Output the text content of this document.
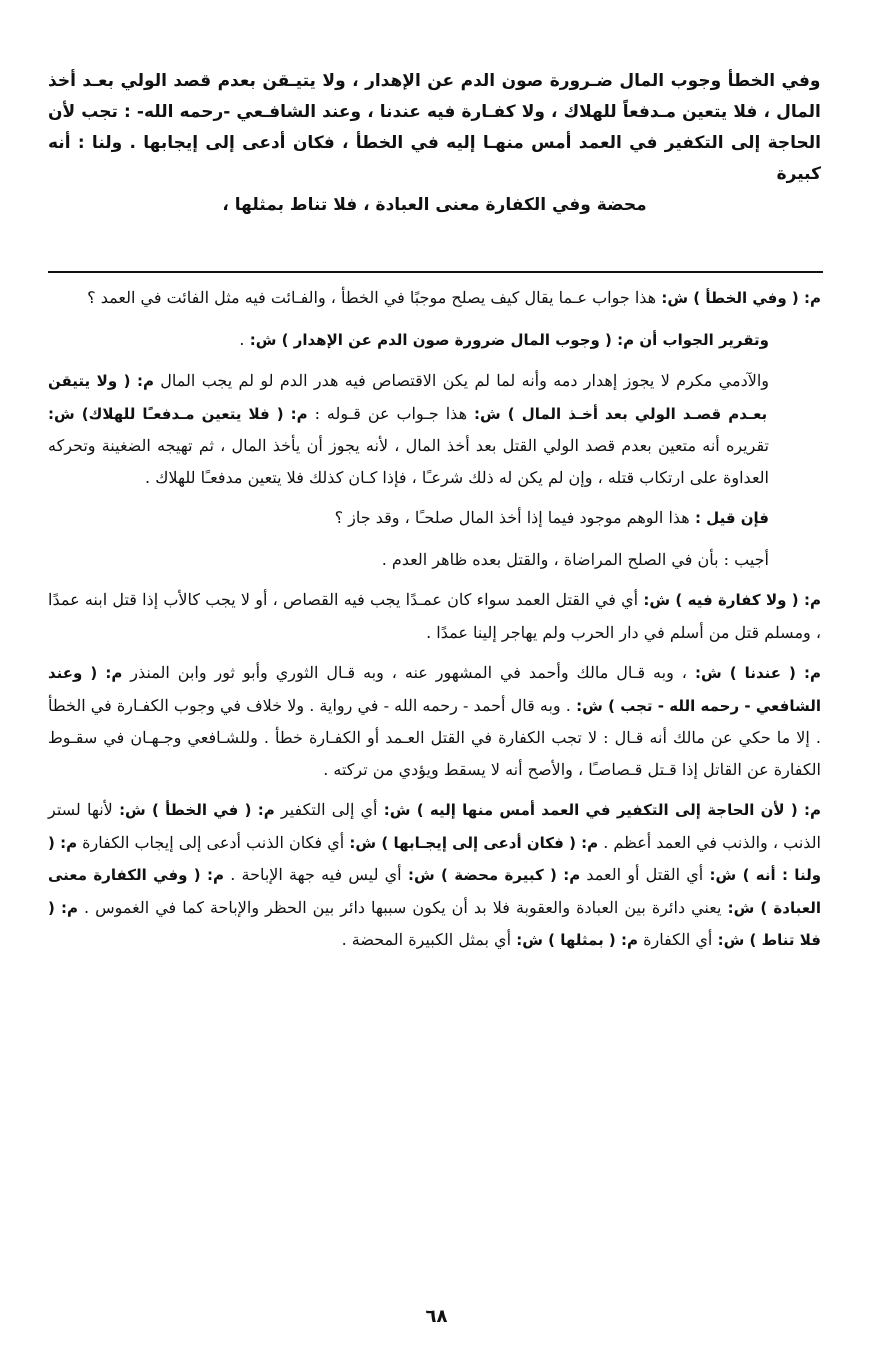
وفي الخطأ وجوب المال ضـرورة صون الدم عن الإهدار ، ولا يتيـقن بعدم قصد الولي بعـد أخذ المال ، فلا يتعين مـدفعاً للهلاك ، ولا كفـارة فيه عندنا ، وعند الشافـعي -رحمه الله- : تجب لأن الحاجة إلى التكفير في العمد أمس منهـا إليه في الخطأ ، فكان أدعى إلى إيجابها . ولنا : أنه كبيرة
محضة وفي الكفارة معنى العبادة ، فلا تناط بمثلها ،

م: ( وفي الخطأ ) ش: هذا جواب عـما يقال كيف يصلح موجبًا في الخطأ ، والفـائت فيه مثل الفائت في العمد ؟

وتقرير الجواب أن م: ( وجوب المال ضرورة صون الدم عن الإهدار ) ش: .

والآدمي مكرم لا يجوز إهدار دمه وأنه لما لم يكن الاقتصاص فيه هدر الدم لو لم يجب المال م: ( ولا يتيقن بعـدم قصـد الولي بعد أخـذ المال ) ش: هذا جـواب عن قـوله : م: ( فلا يتعين مـدفعـًا للهلاك) ش: تقريره أنه متعين بعدم قصد الولي القتل بعد أخذ المال ، لأنه يجوز أن يأخذ المال ، ثم تهيجه الضغينة وتحركه العداوة على ارتكاب قتله ، وإن لم يكن له ذلك شرعـًا ، فإذا كـان كذلك فلا يتعين مدفعـًا للهلاك .

فإن قيل : هذا الوهم موجود فيما إذا أخذ المال صلحـًا ، وقد جاز ؟

أجيب : بأن في الصلح المراضاة ، والقتل بعده ظاهر العدم .

م: ( ولا كفارة فيه ) ش: أي في القتل العمد سواء كان عمـدًا يجب فيه القصاص ، أو لا يجب كالأب إذا قتل ابنه عمدًا ، ومسلم قتل من أسلم في دار الحرب ولم يهاجر إلينا عمدًا .

م: ( عندنا ) ش: ، وبه قـال مالك وأحمد في المشهور عنه ، وبه قـال الثوري وأبو ثور وابن المنذر م: ( وعند الشافعي - رحمه الله - تجب ) ش: . وبه قال أحمد - رحمه الله - في رواية . ولا خلاف في وجوب الكفـارة في الخطأ . إلا ما حكي عن مالك أنه قـال : لا تجب الكفارة في القتل العـمد أو الكفـارة خطأ . وللشـافعي وجـهـان في سقـوط الكفارة عن القاتل إذا قـتل قـصاصـًا ، والأصح أنه لا يسقط ويؤدي من تركته .

م: ( لأن الحاجة إلى التكفير في العمد أمس منها إليه ) ش: أي إلى التكفير م: ( في الخطأ ) ش: لأنها لستر الذنب ، والذنب في العمد أعظم . م: ( فكان أدعى إلى إيجـابها ) ش: أي فكان الذنب أدعى إلى إيجاب الكفارة م: ( ولنا : أنه ) ش: أي القتل أو العمد م: ( كبيرة محضة ) ش: أي ليس فيه جهة الإباحة . م: ( وفي الكفارة معنى العبادة ) ش: يعني دائرة بين العبادة والعقوبة فلا بد أن يكون سببها دائر بين الحظر والإباحة كما في الغموس . م: ( فلا تناط ) ش: أي الكفارة م: ( بمثلها ) ش: أي بمثل الكبيرة المحضة .

٦٨
